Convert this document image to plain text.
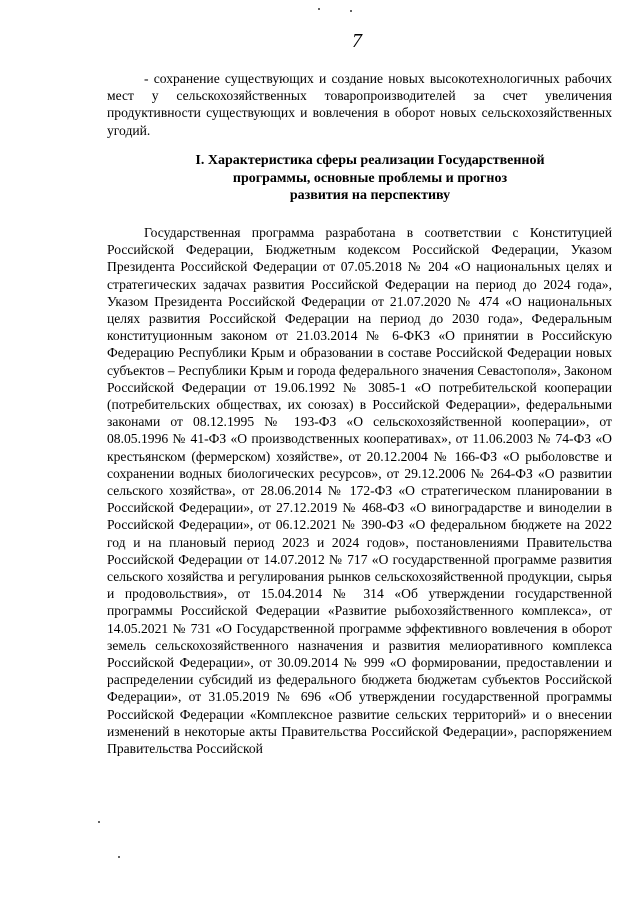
7

- сохранение существующих и создание новых высокотехнологичных рабочих мест у сельскохозяйственных товаропроизводителей за счет увеличения продуктивности существующих и вовлечения в оборот новых сельскохозяйственных угодий.

I. Характеристика сферы реализации Государственной
программы, основные проблемы и прогноз
развития на перспективу

Государственная программа разработана в соответствии с Конституцией Российской Федерации, Бюджетным кодексом Российской Федерации, Указом Президента Российской Федерации от 07.05.2018 № 204 «О национальных целях и стратегических задачах развития Российской Федерации на период до 2024 года», Указом Президента Российской Федерации от 21.07.2020 № 474 «О национальных целях развития Российской Федерации на период до 2030 года», Федеральным конституционным законом от 21.03.2014 № 6-ФКЗ «О принятии в Российскую Федерацию Республики Крым и образовании в составе Российской Федерации новых субъектов – Республики Крым и города федерального значения Севастополя», Законом Российской Федерации от 19.06.1992 № 3085-1 «О потребительской кооперации (потребительских обществах, их союзах) в Российской Федерации», федеральными законами от 08.12.1995 № 193-ФЗ «О сельскохозяйственной кооперации», от 08.05.1996 № 41-ФЗ «О производственных кооперативах», от 11.06.2003 № 74-ФЗ «О крестьянском (фермерском) хозяйстве», от 20.12.2004 № 166-ФЗ «О рыболовстве и сохранении водных биологических ресурсов», от 29.12.2006 № 264-ФЗ «О развитии сельского хозяйства», от 28.06.2014 № 172-ФЗ «О стратегическом планировании в Российской Федерации», от 27.12.2019 № 468-ФЗ «О виноградарстве и виноделии в Российской Федерации», от 06.12.2021 № 390-ФЗ «О федеральном бюджете на 2022 год и на плановый период 2023 и 2024 годов», постановлениями Правительства Российской Федерации от 14.07.2012 № 717 «О государственной программе развития сельского хозяйства и регулирования рынков сельскохозяйственной продукции, сырья и продовольствия», от 15.04.2014 № 314 «Об утверждении государственной программы Российской Федерации «Развитие рыбохозяйственного комплекса», от 14.05.2021 № 731 «О Государственной программе эффективного вовлечения в оборот земель сельскохозяйственного назначения и развития мелиоративного комплекса Российской Федерации», от 30.09.2014 № 999 «О формировании, предоставлении и распределении субсидий из федерального бюджета бюджетам субъектов Российской Федерации», от 31.05.2019 № 696 «Об утверждении государственной программы Российской Федерации «Комплексное развитие сельских территорий» и о внесении изменений в некоторые акты Правительства Российской Федерации», распоряжением Правительства Российской
